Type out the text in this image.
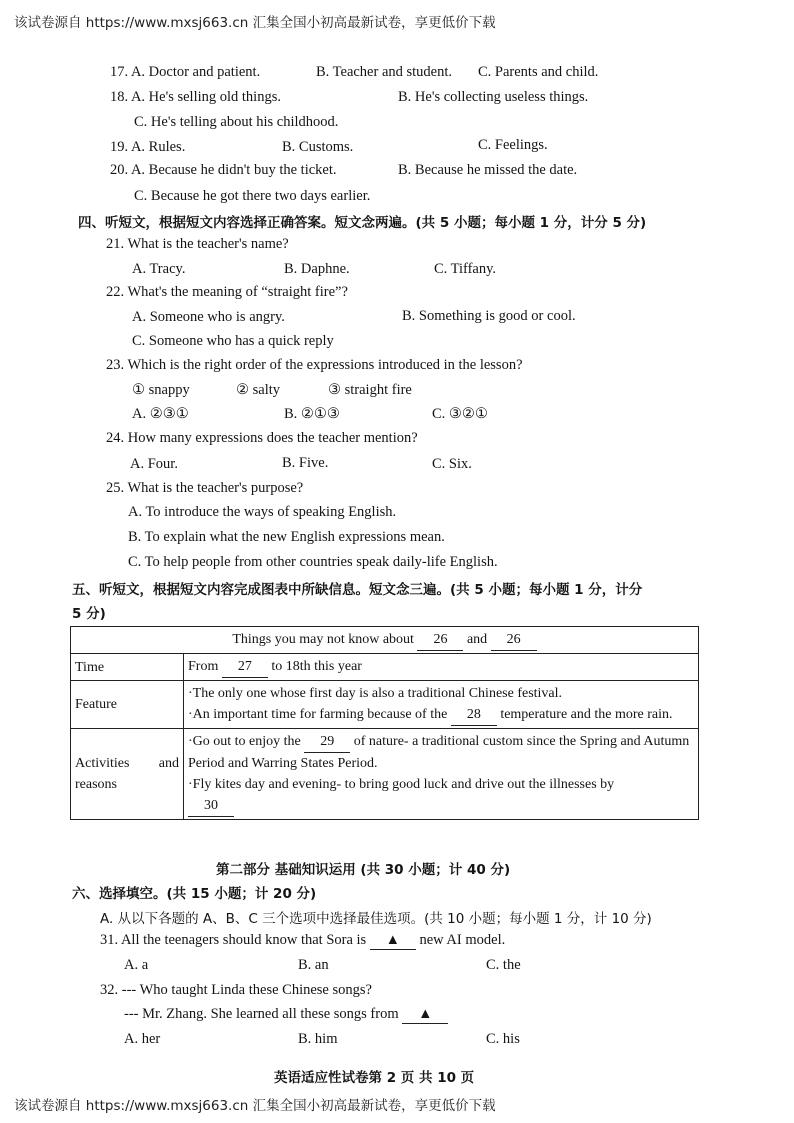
该试卷源自 https://www.mxsj663.cn 汇集全国小初高最新试卷，享更低价下载
17. A. Doctor and patient.	B. Teacher and student. C. Parents and child.
18. A. He's selling old things.	B. He's collecting useless things.
C. He's telling about his childhood.
19. A. Rules.	B. Customs.	C. Feelings.
20. A. Because he didn't buy the ticket.	B. Because he missed the date.
C. Because he got there two days earlier.
四、听短文，根据短文内容选择正确答案。短文念两遍。(共 5 小题；每小题 1 分，计分 5 分)
21. What is the teacher's name?
A. Tracy.	B. Daphne.	C. Tiffany.
22. What's the meaning of “straight fire”?
A. Someone who is angry.	B. Something is good or cool.
C. Someone who has a quick reply
23. Which is the right order of the expressions introduced in the lesson?
① snappy	② salty	③ straight fire
A. ②③①	B. ②①③	C. ③②①
24. How many expressions does the teacher mention?
A. Four.	B. Five.	C. Six.
25. What is the teacher's purpose?
A. To introduce the ways of speaking English.
B. To explain what the new English expressions mean.
C. To help people from other countries speak daily-life English.
五、听短文，根据短文内容完成图表中所缺信息。短文念三遍。(共 5 小题；每小题 1 分，计分
5 分)
Things you may not know about 26 and 26	
Time	From 27 to 18th this year
Feature	·The only one whose first day is also a traditional Chinese festival.
·An important time for farming because of the 28 temperature and the more rain.

Activities and
reasons	·Go out to enjoy the 29 of nature- a traditional custom since the Spring and Autumn Period and Warring States Period.
·Fly kites day and evening- to bring good luck and drive out the illnesses by
30
第二部分 基础知识运用 (共 30 小题；计 40 分)
六、选择填空。(共 15 小题；计 20 分)
A. 从以下各题的 A、B、C 三个选项中选择最佳选项。(共 10 小题；每小题 1 分，计 10 分)
31. All the teenagers should know that Sora is ▲ new AI model.
A. a	B. an	C. the
32. --- Who taught Linda these Chinese songs?
--- Mr. Zhang. She learned all these songs from ▲
A. her	B. him	C. his
英语适应性试卷第 2 页 共 10 页
该试卷源自 https://www.mxsj663.cn 汇集全国小初高最新试卷，享更低价下载
